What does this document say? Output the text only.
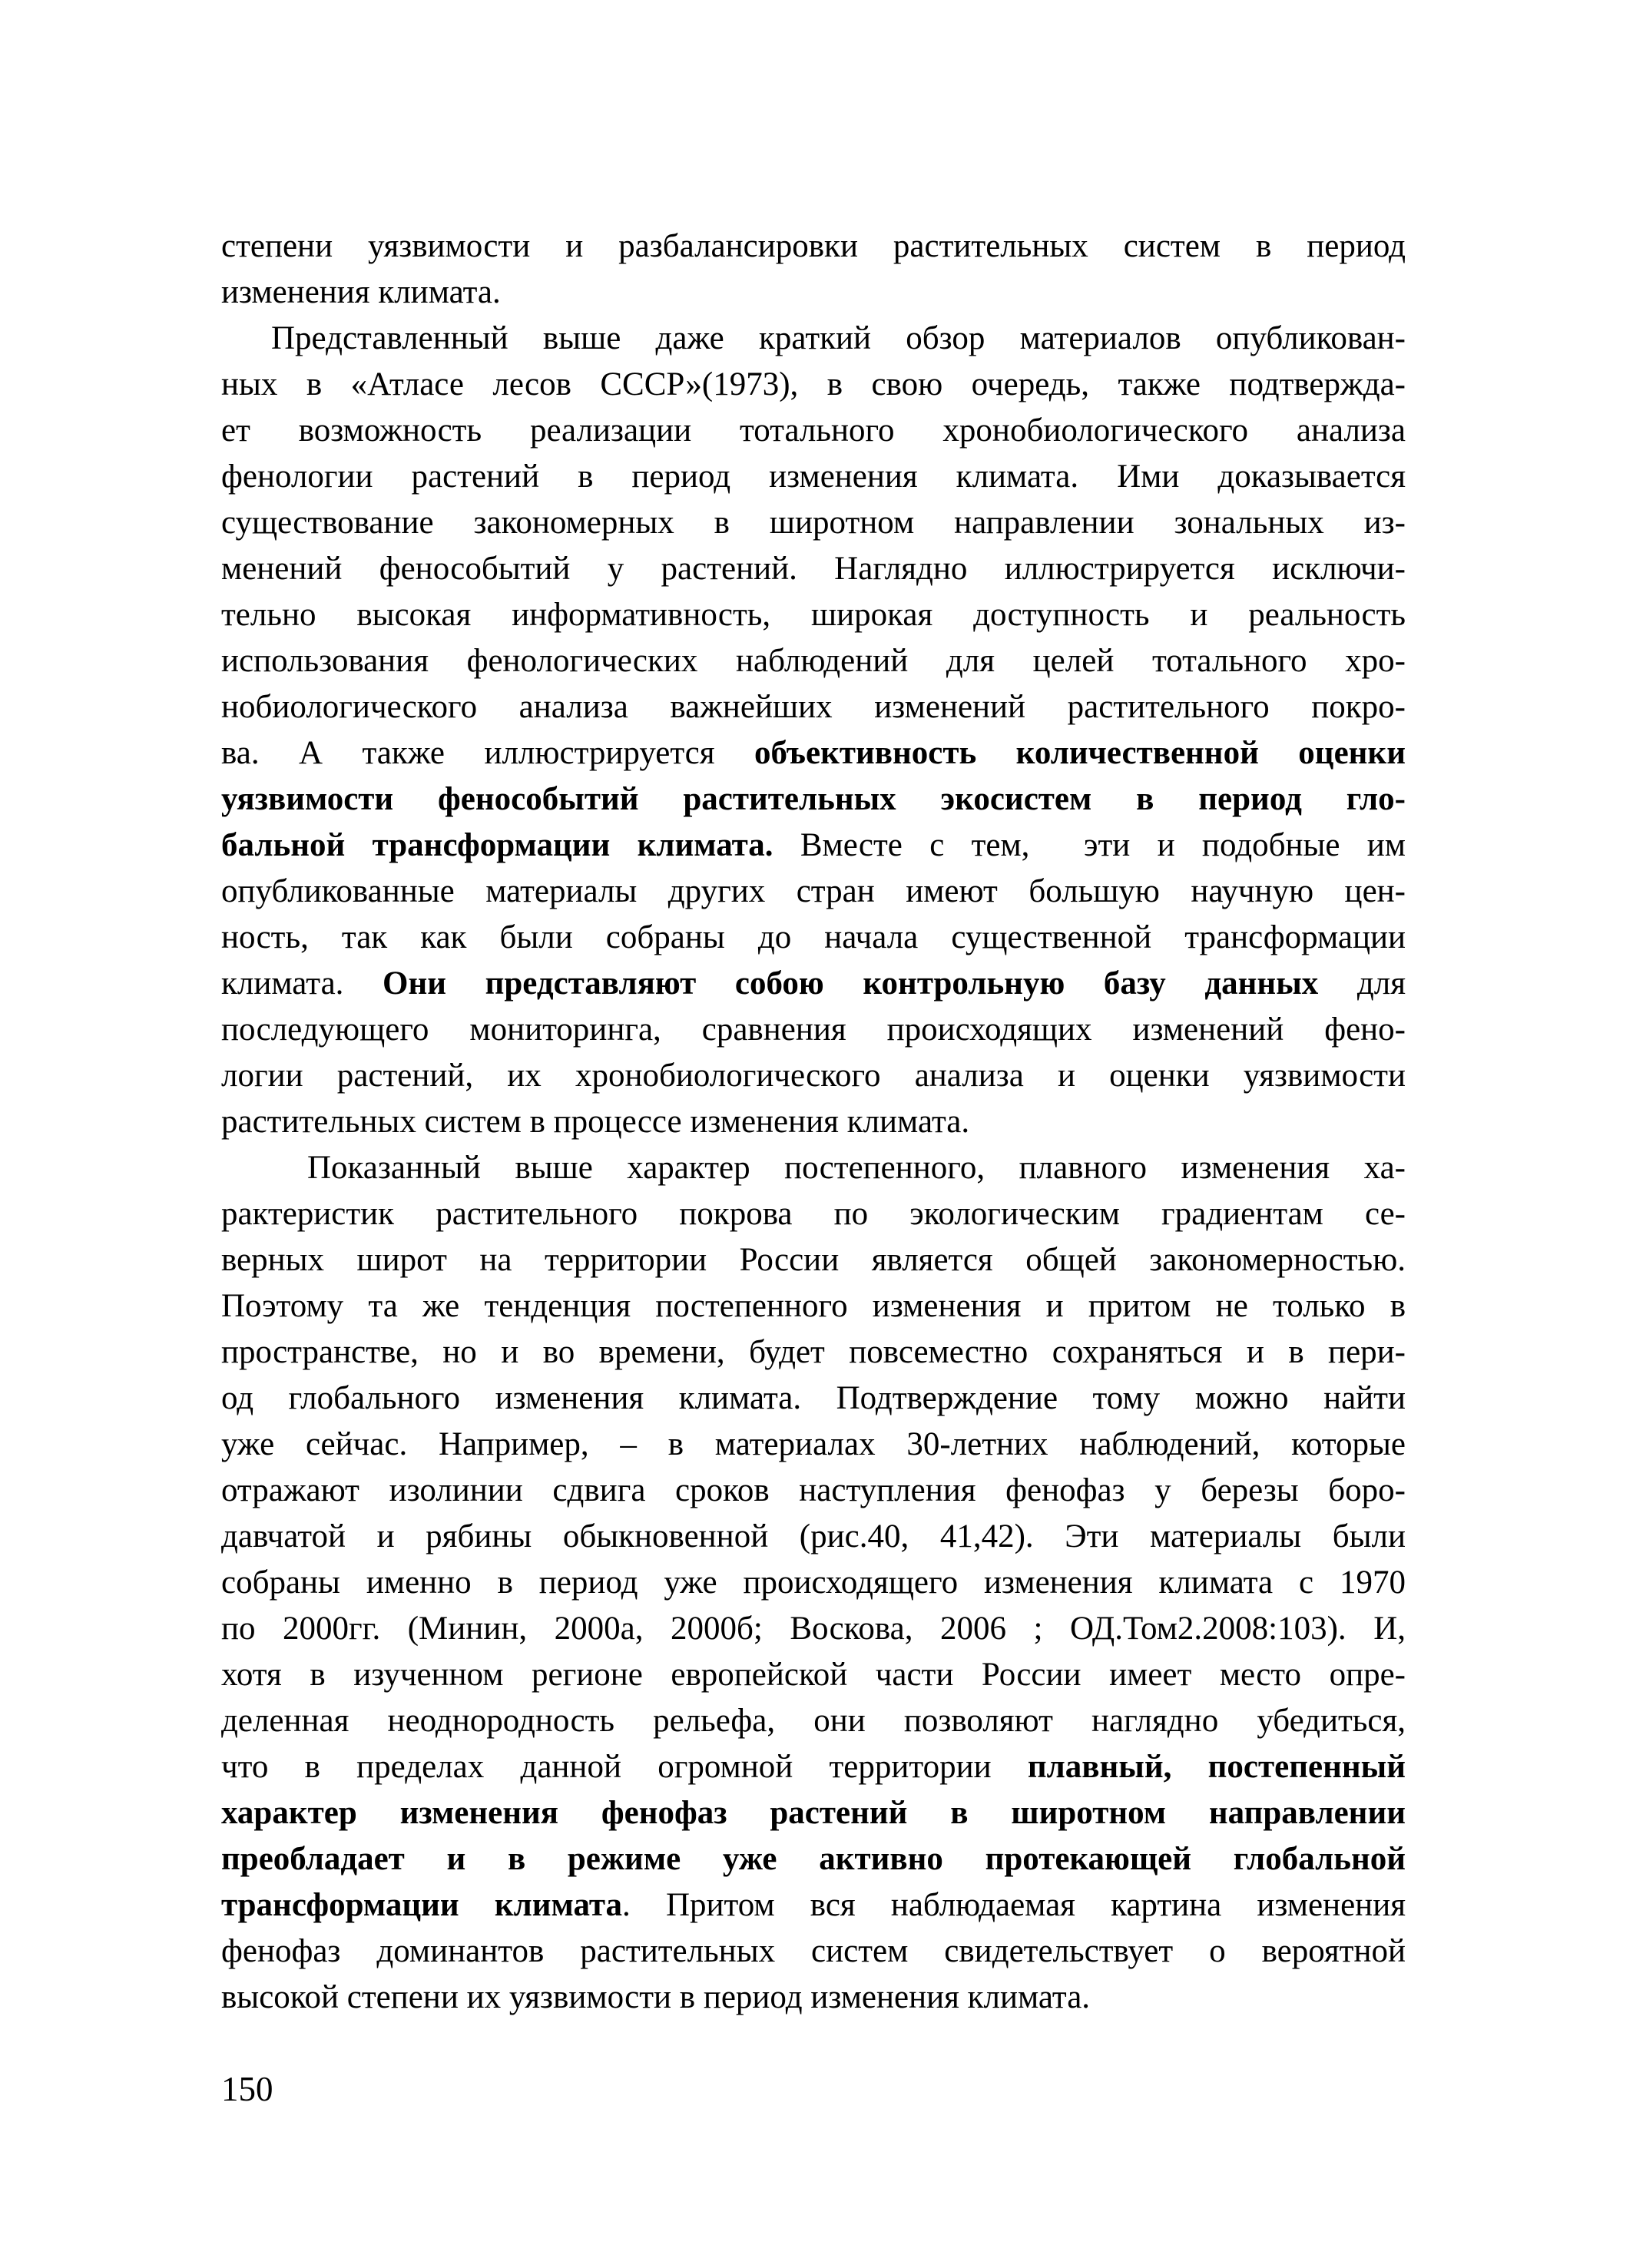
степени уязвимости и разбалансировки растительных систем в период
изменения климата.
Представленный выше даже краткий обзор материалов опубликован-
ных в «Атласе лесов СССР»(1973), в свою очередь, также подтвержда-
ет возможность реализации тотального хронобиологического анализа
фенологии растений в период изменения климата. Ими доказывается
существование закономерных в широтном направлении зональных из-
менений фенособытий у растений. Наглядно иллюстрируется исключи-
тельно высокая информативность, широкая доступность и реальность
использования фенологических наблюдений для целей тотального хро-
нобиологического анализа важнейших изменений растительного покро-
ва. А также иллюстрируется объективность количественной оценки
уязвимости фенособытий растительных экосистем в период гло-
бальной трансформации климата. Вместе с тем,  эти и подобные им
опубликованные материалы других стран имеют большую научную цен-
ность, так как были собраны до начала существенной трансформации
климата. Они представляют собою контрольную базу данных для
последующего мониторинга, сравнения происходящих изменений фено-
логии растений, их хронобиологического анализа и оценки уязвимости
растительных систем в процессе изменения климата.
Показанный выше характер постепенного, плавного изменения ха-
рактеристик растительного покрова по экологическим градиентам се-
верных широт на территории России является общей закономерностью.
Поэтому та же тенденция постепенного изменения и притом не только в
пространстве, но и во времени, будет повсеместно сохраняться и в пери-
од глобального изменения климата. Подтверждение тому можно найти
уже сейчас. Например, – в материалах 30-летних наблюдений, которые
отражают изолинии сдвига сроков наступления фенофаз у березы боро-
давчатой и рябины обыкновенной (рис.40, 41,42). Эти материалы были
собраны именно в период уже происходящего изменения климата с 1970
по 2000гг. (Минин, 2000а, 2000б; Воскова, 2006 ; ОД.Том2.2008:103). И,
хотя в изученном регионе европейской части России имеет место опре-
деленная неоднородность рельефа, они позволяют наглядно убедиться,
что в пределах данной огромной территории плавный, постепенный
характер изменения фенофаз растений в широтном направлении
преобладает и в режиме уже активно протекающей глобальной
трансформации климата. Притом вся наблюдаемая картина изменения
фенофаз доминантов растительных систем свидетельствует о вероятной
высокой степени их уязвимости в период изменения климата.
150
